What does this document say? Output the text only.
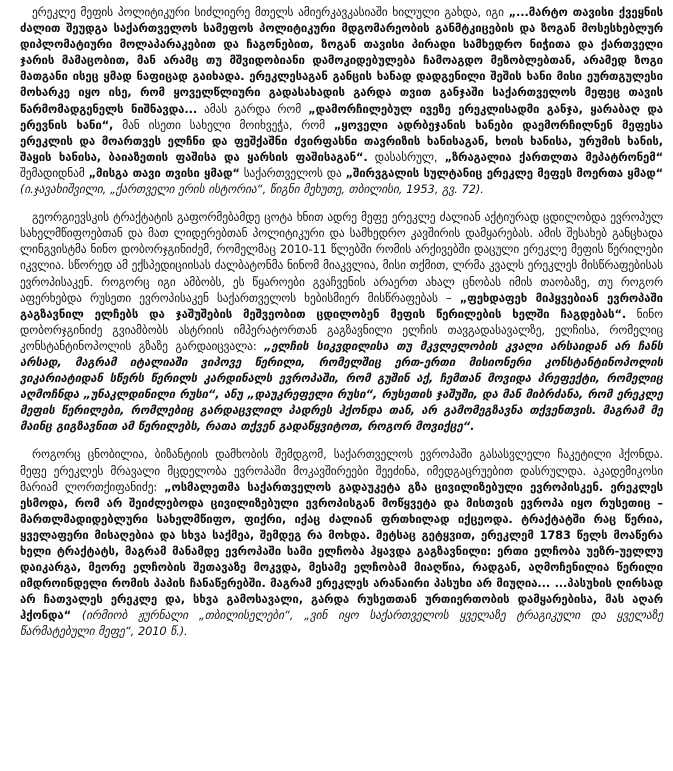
ერეკლე მეფის პოლიტიკური სიძლიერე მთელს ამიერკავკასიაში ხილული გახდა, იგი „...მარტო თავისი ქვეყნის ძალით შეუდგა საქართველოს სამეფოს პოლიტიკური მდგომარეობის განმტკიცების და ზოგან მოსესხებლურ დიპლომატიური მოლაპარაკებით და ჩაგონებით, ზოგან თავისი პირადი სამხედრო ნიჭითა და ქართველი ჯარის მამაცობით, მან არამც თუ მშვიდობიანი დამოკიდებულება ჩამოაგდო მეზობლებთან, არამედ ზოგი მათგანი ისეც ყმად ნაფიცად გაიხადა. ერეკლესაგან განცის ხანად დადგენილი შეშის ხანი მისი ეურთგულესი მოხარკე იყო ისე, რომ ყოველწლიური გადასახადის გარდა თვით განჯაში საქართველოს მეფეც თავის წარმომადგენელს ნიშნავდა... ამას გარდა რომ „დამორჩილებულ ივეზე ერეკლისადმი განჯა, ყარაბაღ და ერევნის ხანი“, მან ისეთი სახელი მოიხვეჭა, რომ „ყოველი ადრბეჯანის ხანები დაემორჩილნენ მეფესა ერეკლის და მოართვეს ელჩნი და ფეშქაშნი ძვირფასნი თავრიზის ხანისაგან, ხოის ხანისა, ურუმის ხანის, შაყის ხანისა, ბაიაზეთის ფაშისა და ყარსის ფაშისაგან“. დასასრულ, „ზრაგალია ქართლთა მეპატრონემ“ შემადიდნამ „მისგა თავი თვისი ყმად“ საქართველოს და „შირვგალის სულტანიც ერეკლე მეფეს მოერთა ყმად“ (ი.ჯავახიშვილი, „ქართველი ერის ისტორია“, წიგნი მეხუთე, თბილისი, 1953, გვ. 72).

გეორგიევსკის ტრაქტატის გაფორმებამდე ცოტა ხნით ადრე მეფე ერეკლე ძალიან აქტიურად ცდილობდა ევროპულ სახელმწიფოებთან და მათ ლიდერებთან პოლიტიკური და სამხედრო კავშირის დამყარებას. ამის შესახებ განცხადა ლინგვისტმა ნინო დობორჯგინიძემ, რომელმაც 2010-11 წლებში რომის არქივებში დაცული ერეკლე მეფის წერილები იკვლია. სწორედ ამ ექსპედიციისას ძალბატონმა ნინომ მიაკვლია, მისი თქმით, ლრმა კვალს ერეკლეს მისწრაფებისას ევროპისაკენ. როგორც იგი ამბობს, ეს წყაროები გვაჩვენის არაერთ ახალ ცნობას იმის თაობაზე, თუ როგორ აფერხებდა რუსეთი ევროპისაკენ საქართველოს ხებისმიერ მისწრაფებას – „ფეხდაფეხ მიჰყვებიან ევროპაში გაგზავნილ ელჩებს და ჯაშუშების მეშვეობით ცდილობენ მეფის წერილების ხელში ჩაგდებას“. ნინო დობორჯგინიძე გვიამბობს ასტრიის იმპერატორთან გაგზავნილი ელჩის თავგადასავალზე, ელჩისა, რომელიც კონსტანტინოპოლის გზაზე გარდაიცვალა: „ელჩის სიკვდილისა თუ მკვლელობის კვალი არსაიდან არ ჩანს არსად, მაგრამ იტალიაში ვიპოვე წერილი, რომელშიც ერთ-ერთი მისიონერი კონსტანტინოპოლის ვიკარიატიდან სწერს წერილს კარდინალს ევროპაში, რომ გუშინ აქ, ჩემთან მოვიდა პრეფექტი, რომელიც აღმოჩნდა „უნაკლდინილი რუსი“, ანუ „დაუკრეფელი რუსი“, რუსეთის ჯაშუში, და მან მიბრძანა, რომ ერეკლე მეფის წერილები, რომლებიც გარდაცვლილ პადრეს ჰქონდა თან, არ გამომეგზავნა თქვენთვის. მაგრამ მე მაინც გიგზავნით ამ წერილებს, რათა თქვენ გადაწყვიტოთ, როგორ მოვიქცე“.

როგორც ცნობილია, ბიზანტიის დამხობის შემდგომ, საქართველოს ევროპაში გასასვლელი ჩაკეტილი ჰქონდა. მეფე ერეკლეს მრავალი მცდელობა ევროპაში მოკავშირეები შეეძინა, იმედგაცრუებით დასრულდა. აკადემიკოსი მარიამ ლორთქიფანიძე: „ოსმალეთმა საქართველოს გადაუკეტა გზა ცივილიზებული ევროპისკენ. ერეკლეს ესმოდა, რომ არ შეიძლებოდა ცივილიზებული ევროპისგან მოწყვეტა და მისთვის ევროპა იყო რუსეთიც – მართლმადიდებლური სახელმწიფო, ფიქრი, იქაც ძალიან ფრთხილად იქცეოდა. ტრაქტატში რაც წერია, ყველაფერი მისაღებია და სხვა საქმეა, შემდეგ რა მოხდა. მეტსაც გეტყვით, ერეკლემ 1783 წელს მოაწერა ხელი ტრაქტატს, მაგრამ მანამდე ევროპაში სამი ელჩობა ჰყავდა გაგზავნილი: ერთი ელჩობა უეზრ-უელლუ დაიკარგა, მეორე ელჩობის შეთავაზე მოკვდა, მესამე ელჩობამ მიაღწია, რადგან, აღმოჩენილია წერილი იმდროინდელი რომის პაპის ჩანაწერებში. მაგრამ ერეკლეს არანაირი პასუხი არ მიუღია... ...პასუხის ღირსად არ ჩათვალეს ერეკლე და, სხვა გამოსავალი, გარდა რუსეთთან ურთიერთობის დამყარებისა, მას აღარ ჰქონდა“ (ირმიობ ჟურნალი „თბილისელები“, „ვინ იყო საქართველოს ყველაზე ტრაგიკული და ყველაზე წარმატებული მეფე“, 2010 წ.).
